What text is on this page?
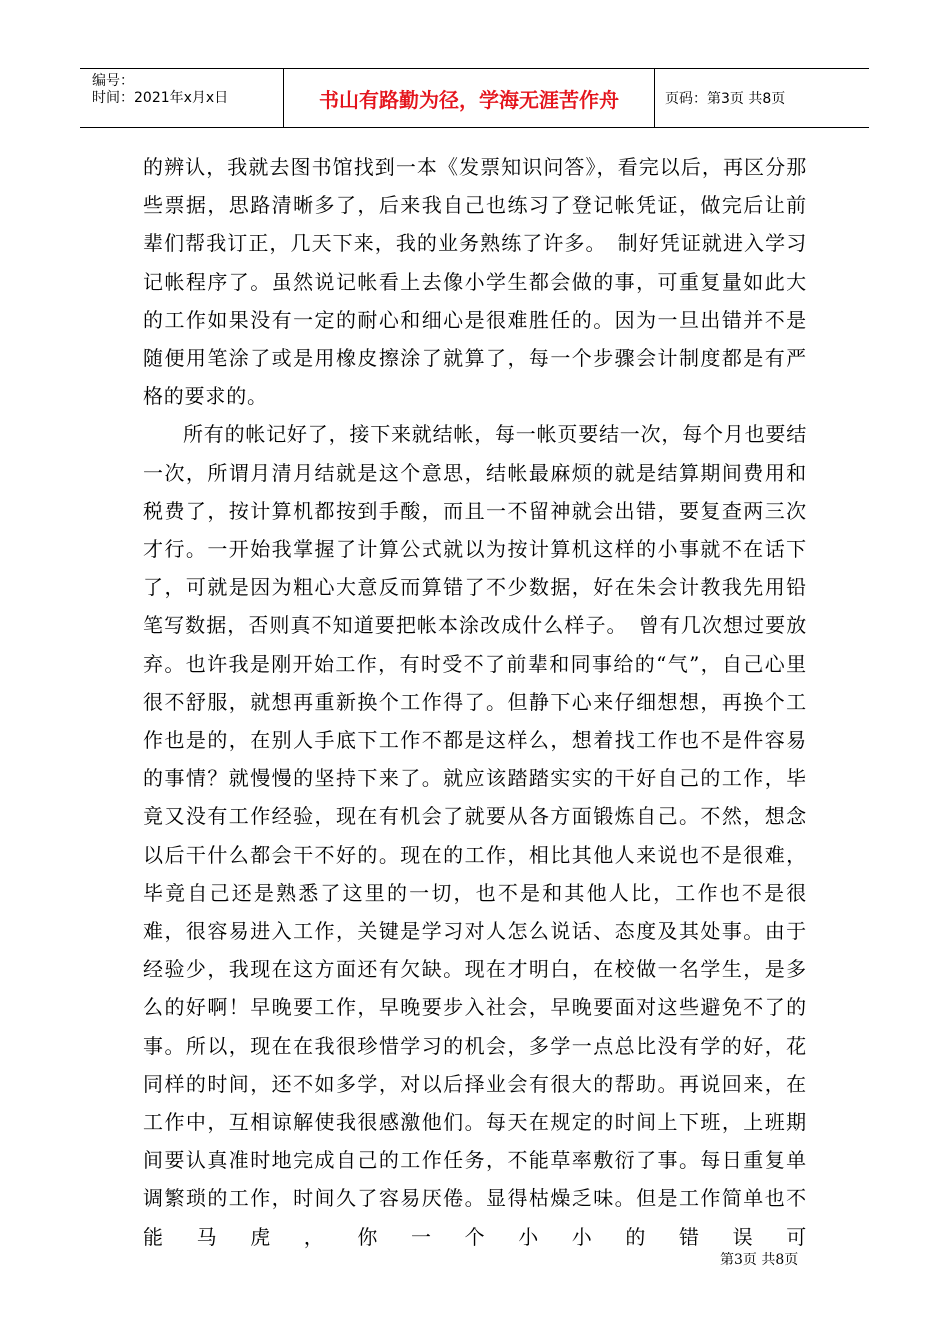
编号：
时间：2021年x月x日	书山有路勤为径，学海无涯苦作舟	页码：第3页 共8页

的辨认，我就去图书馆找到一本《发票知识问答》，看完以后，再区分那些票据，思路清晰多了，后来我自己也练习了登记帐凭证，做完后让前辈们帮我订正，几天下来，我的业务熟练了许多。　制好凭证就进入学习记帐程序了。虽然说记帐看上去像小学生都会做的事，可重复量如此大的工作如果没有一定的耐心和细心是很难胜任的。因为一旦出错并不是随便用笔涂了或是用橡皮擦涂了就算了，每一个步骤会计制度都是有严格的要求的。

所有的帐记好了，接下来就结帐，每一帐页要结一次，每个月也要结一次，所谓月清月结就是这个意思，结帐最麻烦的就是结算期间费用和税费了，按计算机都按到手酸，而且一不留神就会出错，要复查两三次才行。一开始我掌握了计算公式就以为按计算机这样的小事就不在话下了，可就是因为粗心大意反而算错了不少数据，好在朱会计教我先用铅笔写数据，否则真不知道要把帐本涂改成什么样子。　曾有几次想过要放弃。也许我是刚开始工作，有时受不了前辈和同事给的“气”，自己心里很不舒服，就想再重新换个工作得了。但静下心来仔细想想，再换个工作也是的，在别人手底下工作不都是这样么，想着找工作也不是件容易的事情？就慢慢的坚持下来了。就应该踏踏实实的干好自己的工作，毕竟又没有工作经验，现在有机会了就要从各方面锻炼自己。不然，想念以后干什么都会干不好的。现在的工作，相比其他人来说也不是很难，毕竟自己还是熟悉了这里的一切，也不是和其他人比，工作也不是很难，很容易进入工作，关键是学习对人怎么说话、态度及其处事。由于经验少，我现在这方面还有欠缺。现在才明白，在校做一名学生，是多么的好啊！早晚要工作，早晚要步入社会，早晚要面对这些避免不了的事。所以，现在在我很珍惜学习的机会，多学一点总比没有学的好，花同样的时间，还不如多学，对以后择业会有很大的帮助。再说回来，在工作中，互相谅解使我很感激他们。每天在规定的时间上下班，上班期间要认真准时地完成自己的工作任务，不能草率敷衍了事。每日重复单调繁琐的工作，时间久了容易厌倦。显得枯燥乏味。但是工作简单也不能马虎，你一个小小的错误可

第3页 共8页
